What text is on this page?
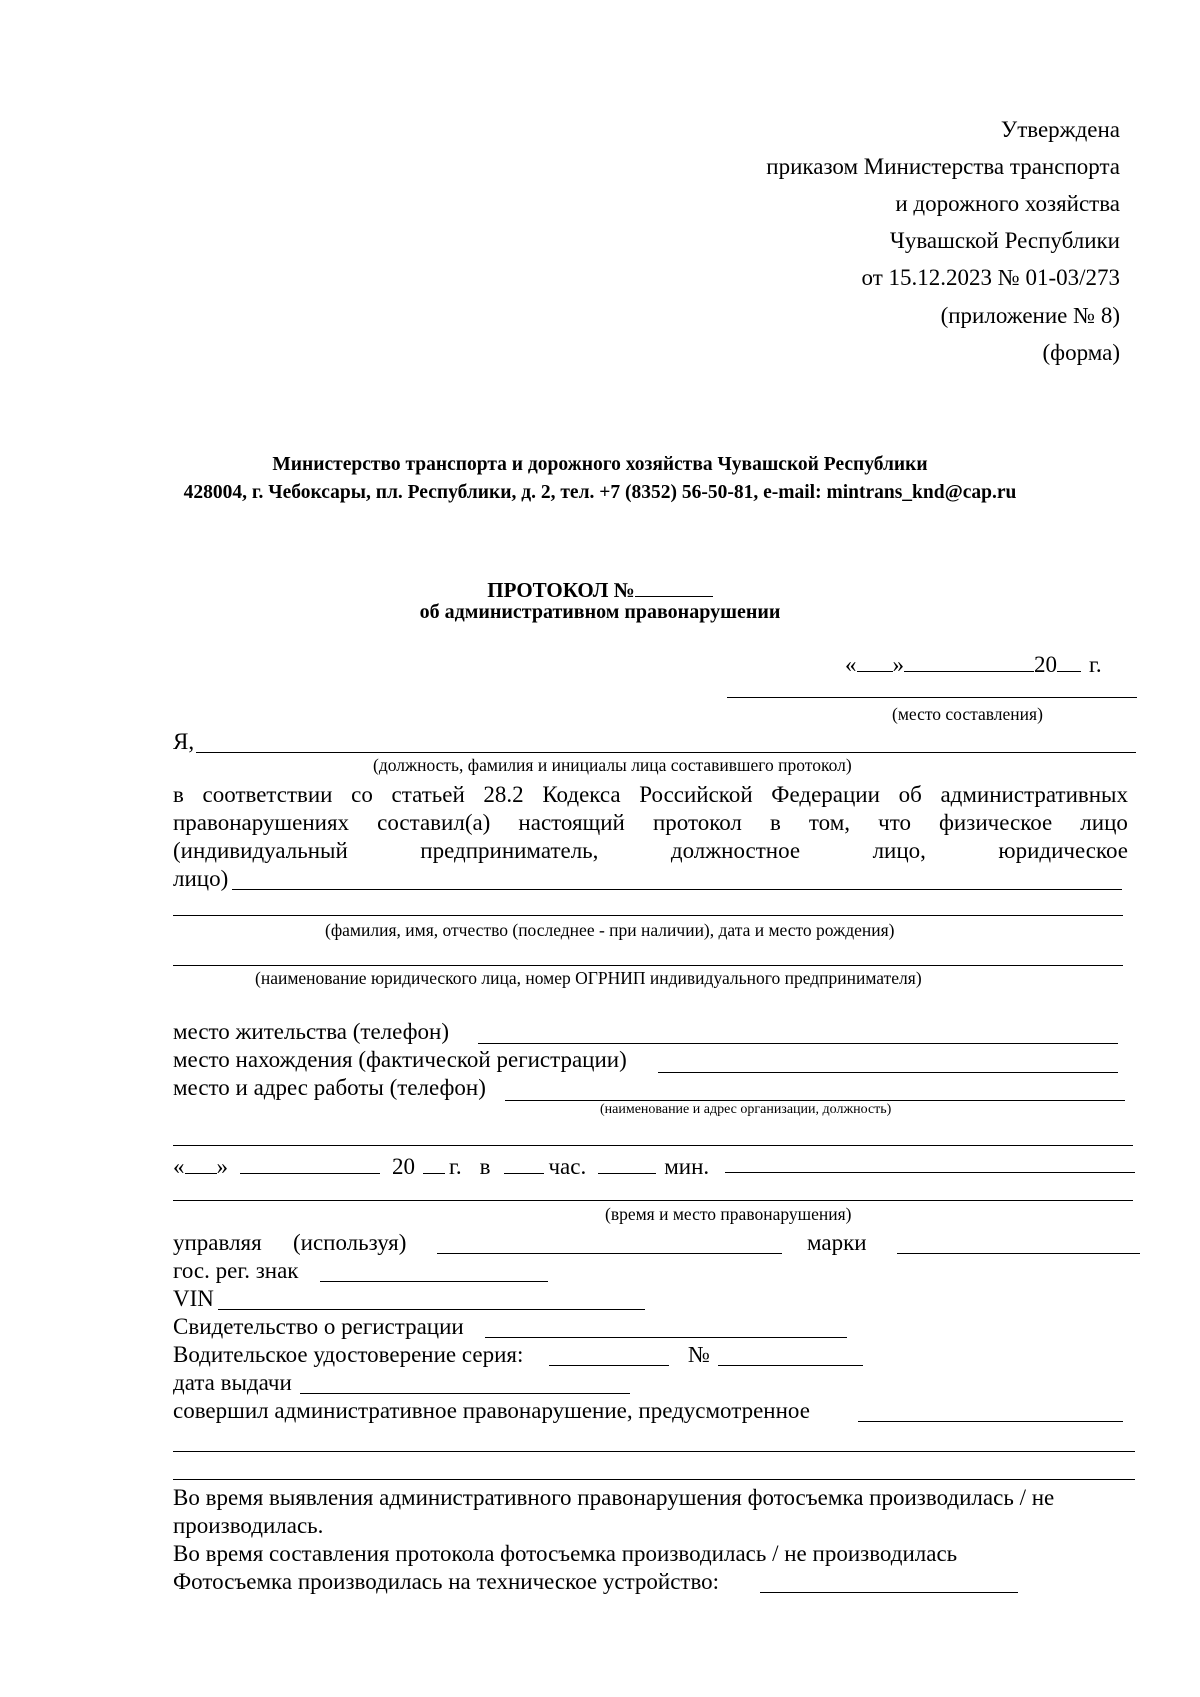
Утверждена
приказом Министерства транспорта
и дорожного хозяйства
Чувашской Республики
от 15.12.2023 № 01-03/273
(приложение № 8)
(форма)
Министерство транспорта и дорожного хозяйства Чувашской Республики
428004, г. Чебоксары, пл. Республики, д. 2, тел. +7 (8352) 56-50-81, e-mail: mintrans_knd@cap.ru
ПРОТОКОЛ №
об административном правонарушении
« »	20 г.
(место составления)
Я,
(должность, фамилия и инициалы лица составившего протокол)
в соответствии со статьей 28.2 Кодекса Российской Федерации об административных
правонарушениях составил(а) настоящий протокол в том, что физическое лицо
(индивидуальный	предприниматель,	должностное	лицо,	юридическое
лицо)
(фамилия, имя, отчество (последнее - при наличии), дата и место рождения)
(наименование юридического лица, номер ОГРНИП индивидуального предпринимателя)
место жительства (телефон)
место нахождения (фактической регистрации)
место и адрес работы (телефон)
(наименование и адрес организации, должность)
« »	20 г. в	час.	мин.
(время и место правонарушения)
управляя (используя)	марки
гос. рег. знак
VIN
Свидетельство о регистрации
Водительское удостоверение серия:	№
дата выдачи
совершил административное правонарушение, предусмотренное
Во время выявления административного правонарушения фотосъемка производилась / не
производилась.
Во время составления протокола фотосъемка производилась / не производилась
Фотосъемка производилась на техническое устройство:
